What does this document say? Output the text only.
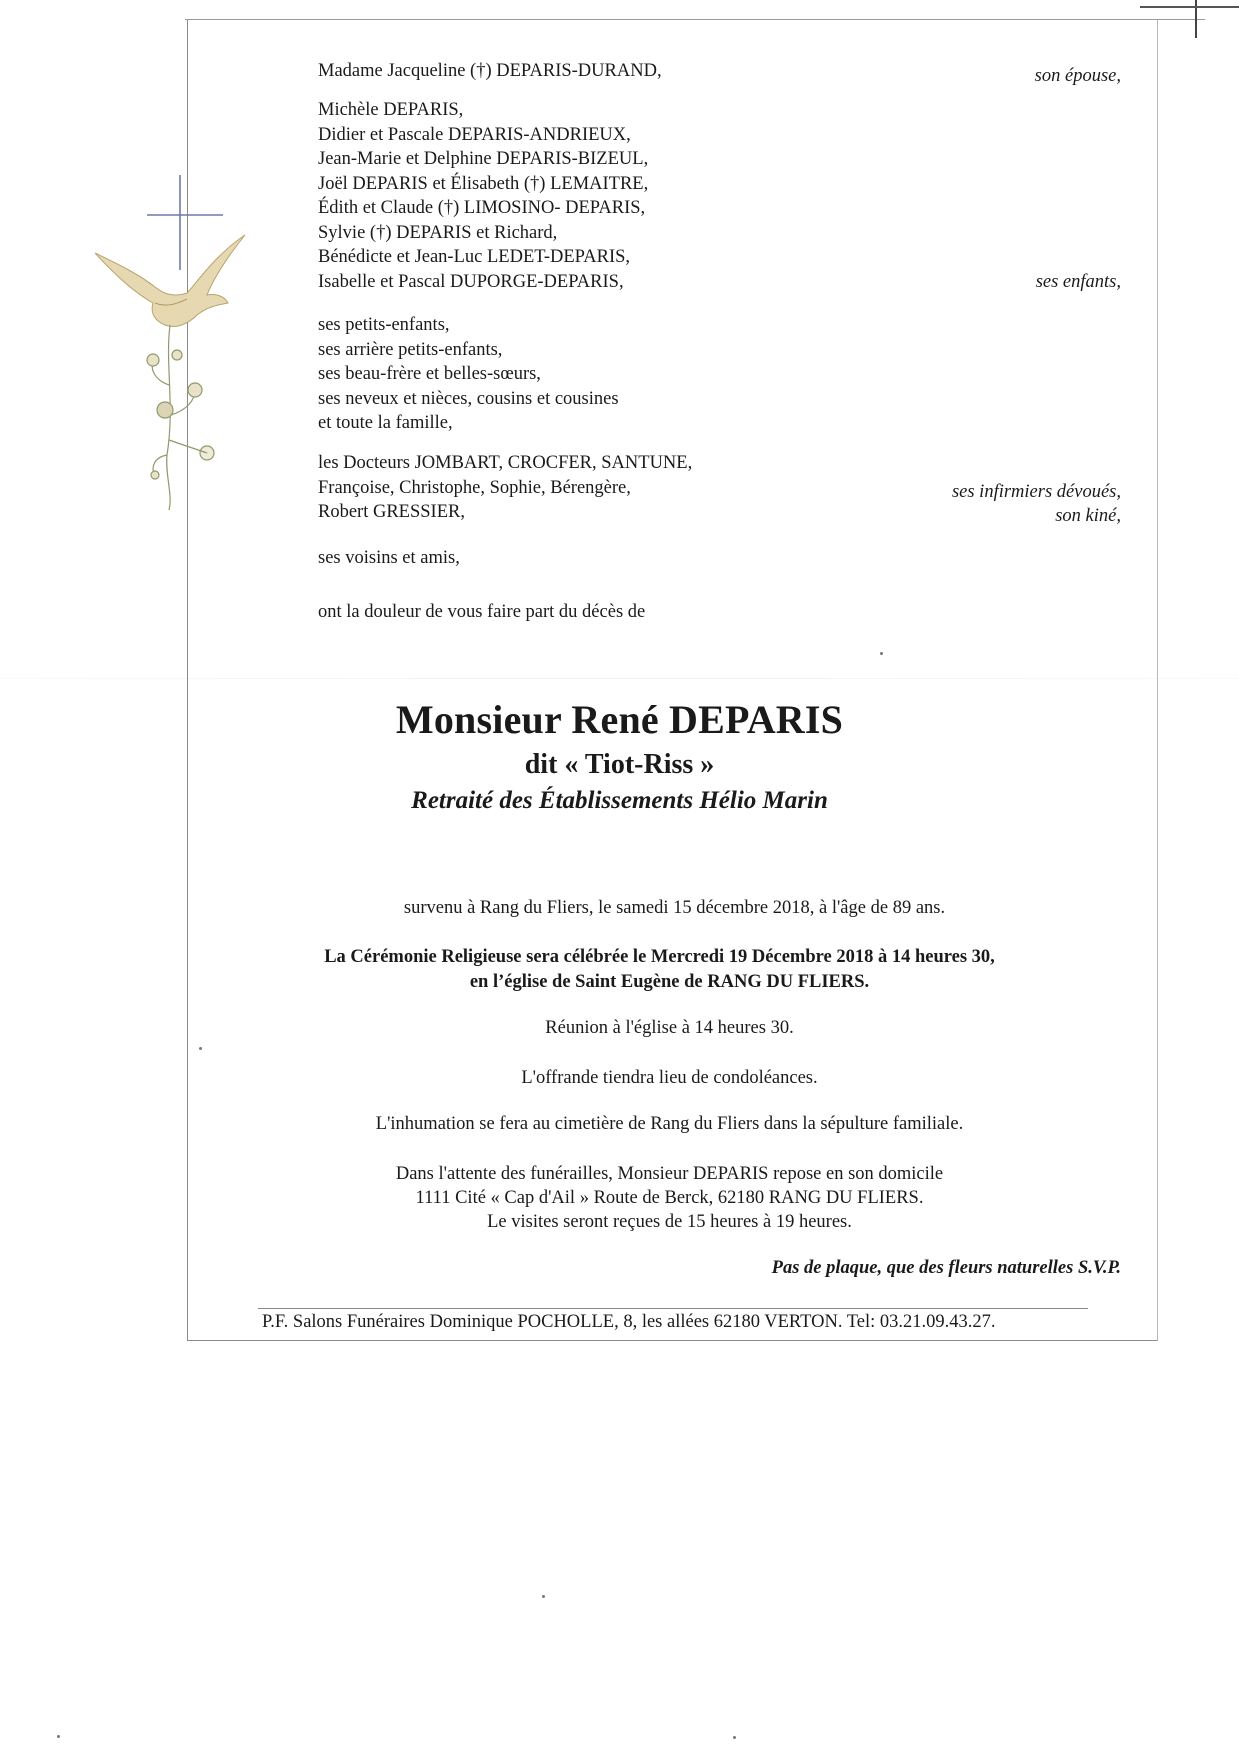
Madame Jacqueline (†) DEPARIS-DURAND,	son épouse,
Michèle DEPARIS,
Didier et Pascale DEPARIS-ANDRIEUX,
Jean-Marie et Delphine DEPARIS-BIZEUL,
Joël DEPARIS et Élisabeth (†) LEMAITRE,
Édith et Claude (†) LIMOSINO- DEPARIS,
Sylvie (†) DEPARIS et Richard,
Bénédicte et Jean-Luc LEDET-DEPARIS,
Isabelle et Pascal DUPORGE-DEPARIS,	ses enfants,
ses petits-enfants,
ses arrière petits-enfants,
ses beau-frère et belles-sœurs,
ses neveux et nièces, cousins et cousines
et toute la famille,
les Docteurs JOMBART, CROCFER, SANTUNE,
Françoise, Christophe, Sophie, Bérengère,
Robert GRESSIER,
ses infirmiers dévoués,
son kiné,
ses voisins et amis,
ont la douleur de vous faire part du décès de
Monsieur René DEPARIS
dit « Tiot-Riss »
Retraité des Établissements Hélio Marin
survenu à Rang du Fliers, le samedi 15 décembre 2018, à l'âge de 89 ans.
La Cérémonie Religieuse sera célébrée le Mercredi 19 Décembre 2018 à 14 heures 30,
en l’église de Saint Eugène de RANG DU FLIERS.
Réunion à l'église à 14 heures 30.
L'offrande tiendra lieu de condoléances.
L'inhumation se fera au cimetière de Rang du Fliers dans la sépulture familiale.
Dans l'attente des funérailles, Monsieur DEPARIS repose en son domicile
1111 Cité « Cap d'Ail » Route de Berck, 62180 RANG DU FLIERS.
Le visites seront reçues de 15 heures à 19 heures.
Pas de plaque, que des fleurs naturelles S.V.P.
P.F. Salons Funéraires Dominique POCHOLLE, 8, les allées 62180 VERTON. Tel: 03.21.09.43.27.
